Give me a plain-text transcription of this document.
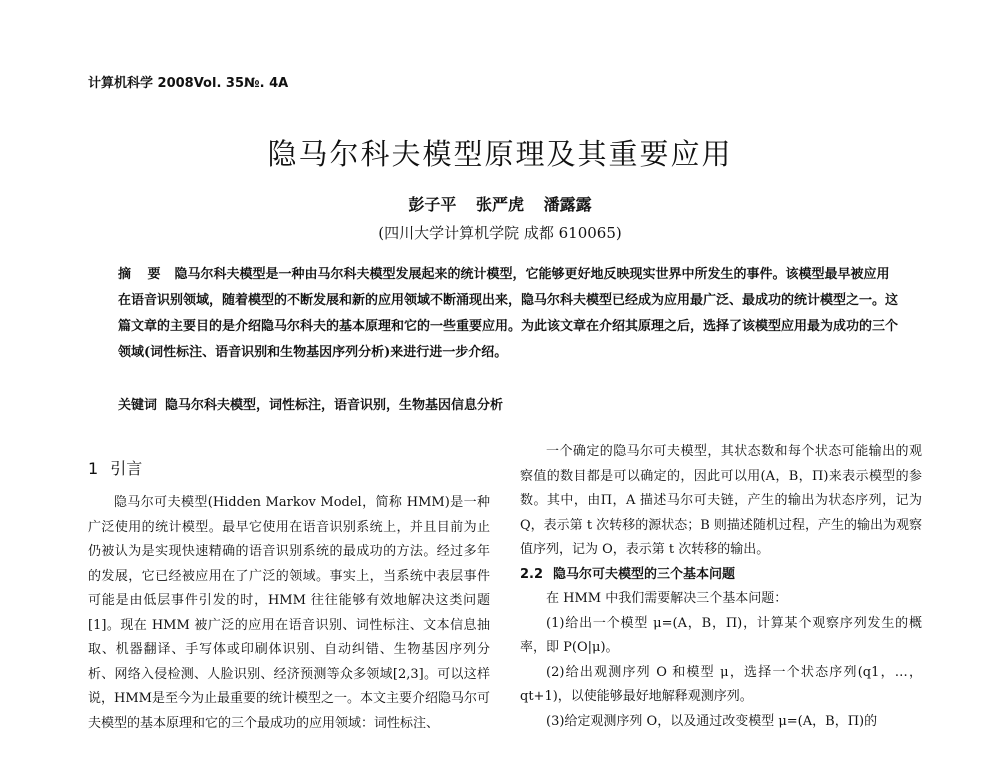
计算机科学 2008Vol. 35№. 4A
隐马尔科夫模型原理及其重要应用
彭子平 张严虎 潘露露
(四川大学计算机学院 成都 610065)
摘 要 隐马尔科夫模型是一种由马尔科夫模型发展起来的统计模型，它能够更好地反映现实世界中所发生的事件。该模型最早被应用在语音识别领域，随着模型的不断发展和新的应用领域不断涌现出来，隐马尔科夫模型已经成为应用最广泛、最成功的统计模型之一。这篇文章的主要目的是介绍隐马尔科夫的基本原理和它的一些重要应用。为此该文章在介绍其原理之后，选择了该模型应用最为成功的三个领域(词性标注、语音识别和生物基因序列分析)来进行进一步介绍。
关键词 隐马尔科夫模型，词性标注，语音识别，生物基因信息分析
1 引言

隐马尔可夫模型(Hidden Markov Model，简称 HMM)是一种广泛使用的统计模型。最早它使用在语音识别系统上，并且目前为止仍被认为是实现快速精确的语音识别系统的最成功的方法。经过多年的发展，它已经被应用在了广泛的领域。事实上，当系统中表层事件可能是由低层事件引发的时，HMM 往往能够有效地解决这类问题[1]。现在 HMM 被广泛的应用在语音识别、词性标注、文本信息抽取、机器翻译、手写体或印刷体识别、自动纠错、生物基因序列分析、网络入侵检测、人脸识别、经济预测等众多领域[2,3]。可以这样说，HMM是至今为止最重要的统计模型之一。本文主要介绍隐马尔可夫模型的基本原理和它的三个最成功的应用领域：词性标注、

一个确定的隐马尔可夫模型，其状态数和每个状态可能输出的观察值的数目都是可以确定的，因此可以用(A，B，Π)来表示模型的参数。其中，由Π，A 描述马尔可夫链，产生的输出为状态序列，记为 Q，表示第 t 次转移的源状态；B 则描述随机过程，产生的输出为观察值序列，记为 O，表示第 t 次转移的输出。

2.2 隐马尔可夫模型的三个基本问题

在 HMM 中我们需要解决三个基本问题：

(1)给出一个模型 μ=(A，B，Π)，计算某个观察序列发生的概率，即 P(O|μ)。

(2)给出观测序列 O 和模型 μ，选择一个状态序列(q1，…，qt+1)，以使能够最好地解释观测序列。

(3)给定观测序列 O，以及通过改变模型 μ=(A，B，Π)的
